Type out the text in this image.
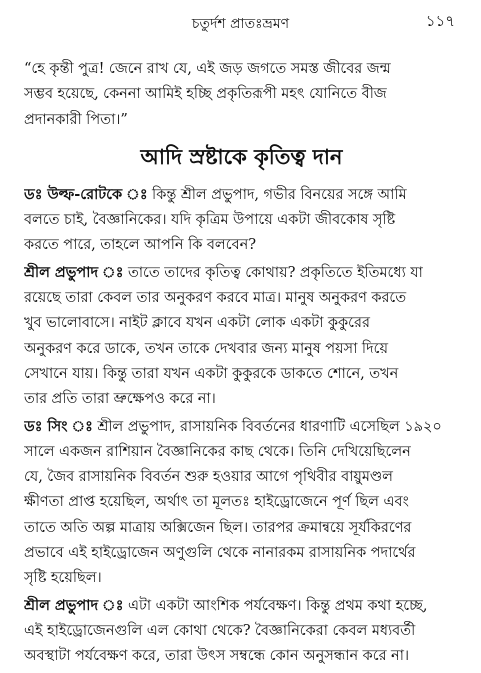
চতুর্দশ প্রাতঃভ্রমণ	১১৭

“হে কৃন্তী পুত্র! জেনে রাখ যে, এই জড় জগতে সমস্ত জীবের জন্ম
সম্ভব হয়েছে, কেননা আমিই হচ্ছি প্রকৃতিরূপী মহৎ যোনিতে বীজ
প্রদানকারী পিতা।”

আদি স্রষ্টাকে কৃতিত্ব দান

ডঃ উল্ফ-রোটকে ঃ কিন্তু শ্রীল প্রভুপাদ, গভীর বিনয়ের সঙ্গে আমি
বলতে চাই, বৈজ্ঞানিকের। যদি কৃত্রিম উপায়ে একটা জীবকোষ সৃষ্টি
করতে পারে, তাহলে আপনি কি বলবেন?

শ্রীল প্রভুপাদ ঃ তাতে তাদের কৃতিত্ব কোথায়? প্রকৃতিতে ইতিমধ্যে যা
রয়েছে তারা কেবল তার অনুকরণ করবে মাত্র। মানুষ অনুকরণ করতে
খুব ভালোবাসে। নাইট ক্লাবে যখন একটা লোক একটা কুকুরের
অনুকরণ করে ডাকে, তখন তাকে দেখবার জন্য মানুষ পয়সা দিয়ে
সেখানে যায়। কিন্তু তারা যখন একটা কুকুরকে ডাকতে শোনে, তখন
তার প্রতি তারা ভ্রুক্ষেপও করে না।

ডঃ সিং ঃ শ্রীল প্রভুপাদ, রাসায়নিক বিবর্তনের ধারণাটি এসেছিল ১৯২০
সালে একজন রাশিয়ান বৈজ্ঞানিকের কাছ থেকে। তিনি দেখিয়েছিলেন
যে, জৈব রাসায়নিক বিবর্তন শুরু হওয়ার আগে পৃথিবীর বায়ুমণ্ডল
ক্ষীণতা প্রাপ্ত হয়েছিল, অর্থাৎ তা মূলতঃ হাইড্রোজেনে পূর্ণ ছিল এবং
তাতে অতি অল্প মাত্রায় অক্সিজেন ছিল। তারপর ক্রমান্বয়ে সূর্যকিরণের
প্রভাবে এই হাইড্রোজেন অণুগুলি থেকে নানারকম রাসায়নিক পদার্থের
সৃষ্টি হয়েছিল।

শ্রীল প্রভুপাদ ঃ এটা একটা আংশিক পর্যবেক্ষণ। কিন্তু প্রথম কথা হচ্ছে,
এই হাইড্রোজেনগুলি এল কোথা থেকে? বৈজ্ঞানিকেরা কেবল মধ্যবর্তী
অবস্থাটা পর্যবেক্ষণ করে, তারা উৎস সম্বন্ধে কোন অনুসন্ধান করে না।
